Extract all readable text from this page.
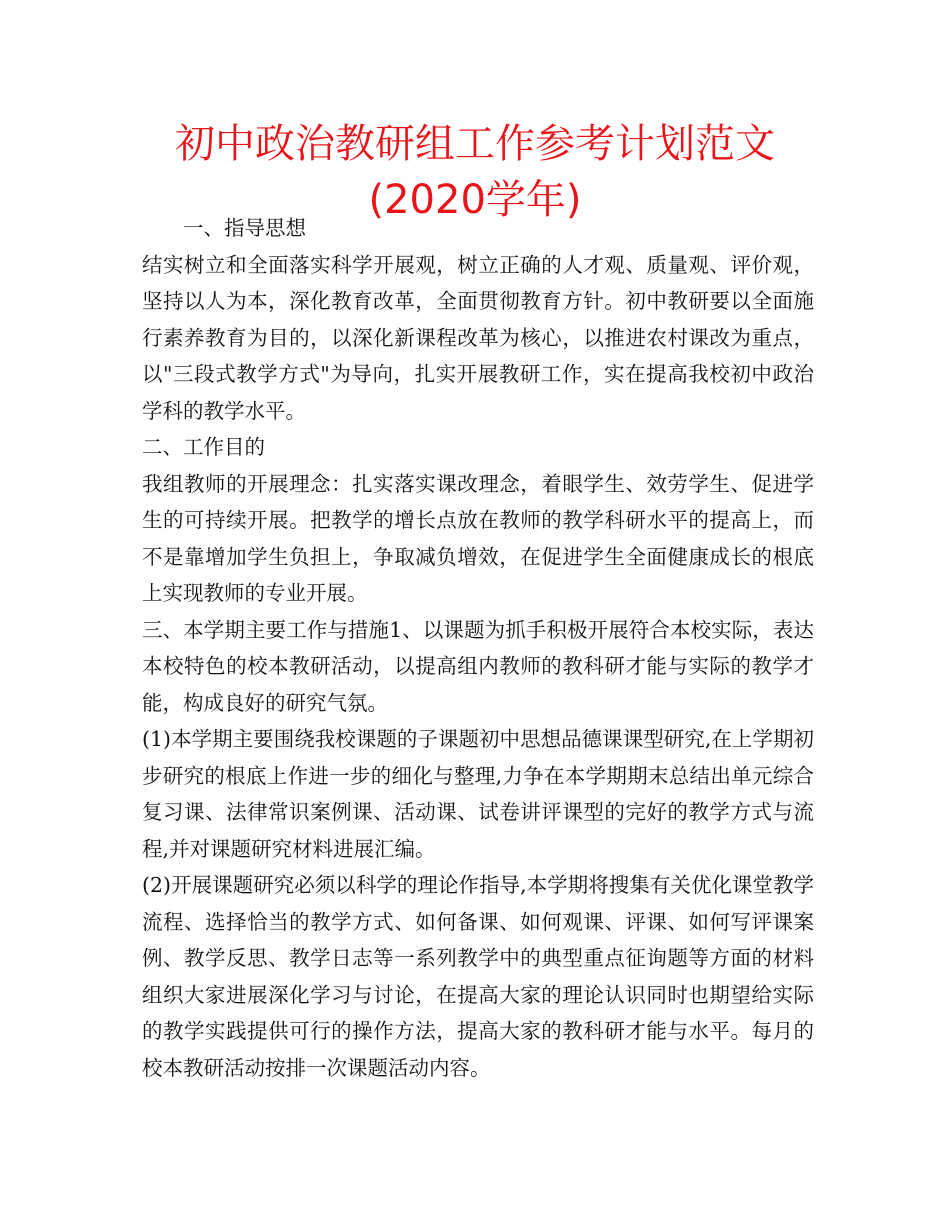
初中政治教研组工作参考计划范文(2020学年)

一、指导思想

结实树立和全面落实科学开展观，树立正确的人才观、质量观、评价观，坚持以人为本，深化教育改革，全面贯彻教育方针。初中教研要以全面施行素养教育为目的，以深化新课程改革为核心，以推进农村课改为重点，以"三段式教学方式"为导向，扎实开展教研工作，实在提高我校初中政治学科的教学水平。

二、工作目的

我组教师的开展理念：扎实落实课改理念，着眼学生、效劳学生、促进学生的可持续开展。把教学的增长点放在教师的教学科研水平的提高上，而不是靠增加学生负担上，争取减负增效，在促进学生全面健康成长的根底上实现教师的专业开展。

三、本学期主要工作与措施1、以课题为抓手积极开展符合本校实际，表达本校特色的校本教研活动，以提高组内教师的教科研才能与实际的教学才能，构成良好的研究气氛。

(1)本学期主要围绕我校课题的子课题初中思想品德课课型研究,在上学期初步研究的根底上作进一步的细化与整理,力争在本学期期末总结出单元综合复习课、法律常识案例课、活动课、试卷讲评课型的完好的教学方式与流程,并对课题研究材料进展汇编。

(2)开展课题研究必须以科学的理论作指导,本学期将搜集有关优化课堂教学流程、选择恰当的教学方式、如何备课、如何观课、评课、如何写评课案例、教学反思、教学日志等一系列教学中的典型重点征询题等方面的材料组织大家进展深化学习与讨论，在提高大家的理论认识同时也期望给实际的教学实践提供可行的操作方法，提高大家的教科研才能与水平。每月的校本教研活动按排一次课题活动内容。
